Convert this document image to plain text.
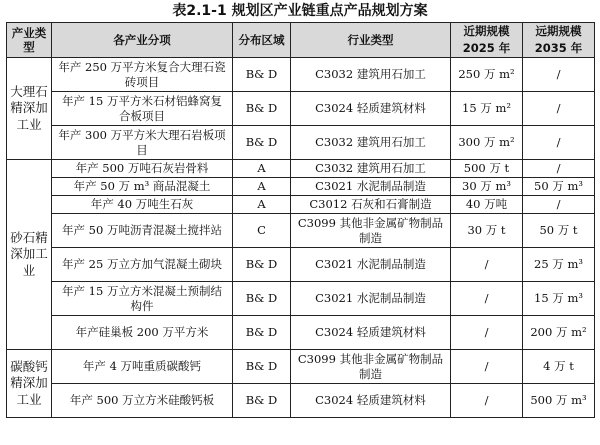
表2.1-1 规划区产业链重点产品规划方案
产业类型	各产业分项	分布区域	行业类型	近期规模	远期规模
				2025 年	2035 年
大理石精深加工业	年产 250 万平方米复合大理石瓷砖项目	B& D	C3032 建筑用石加工	250 万 m²	/
	年产 15 万平方米石材铝蜂窝复合板项目	B& D	C3024 轻质建筑材料	15 万 m²	/
	年产 300 万平方米大理石岩板项目	B& D	C3032 建筑用石加工	300 万 m²	/
砂石精深加工业	年产 500 万吨石灰岩骨料	A	C3032 建筑用石加工	500 万 t	/
	年产 50 万 m³ 商品混凝土	A	C3021 水泥制品制造	30 万 m³	50 万 m³
	年产 40 万吨生石灰	A	C3012 石灰和石膏制造	40 万吨	/
	年产 50 万吨沥青混凝土搅拌站	C	C3099 其他非金属矿物制品制造	30 万 t	50 万 t
	年产 25 万立方加气混凝土砌块	B& D	C3021 水泥制品制造	/	25 万 m³
	年产 15 万立方米混凝土预制结构件	B& D	C3021 水泥制品制造	/	15 万 m³
	年产硅巢板 200 万平方米	B& D	C3024 轻质建筑材料	/	200 万 m²
碳酸钙精深加工业	年产 4 万吨重质碳酸钙	B& D	C3099 其他非金属矿物制品制造	/	4 万 t
	年产 500 万立方米硅酸钙板	B& D	C3024 轻质建筑材料	/	500 万 m³
